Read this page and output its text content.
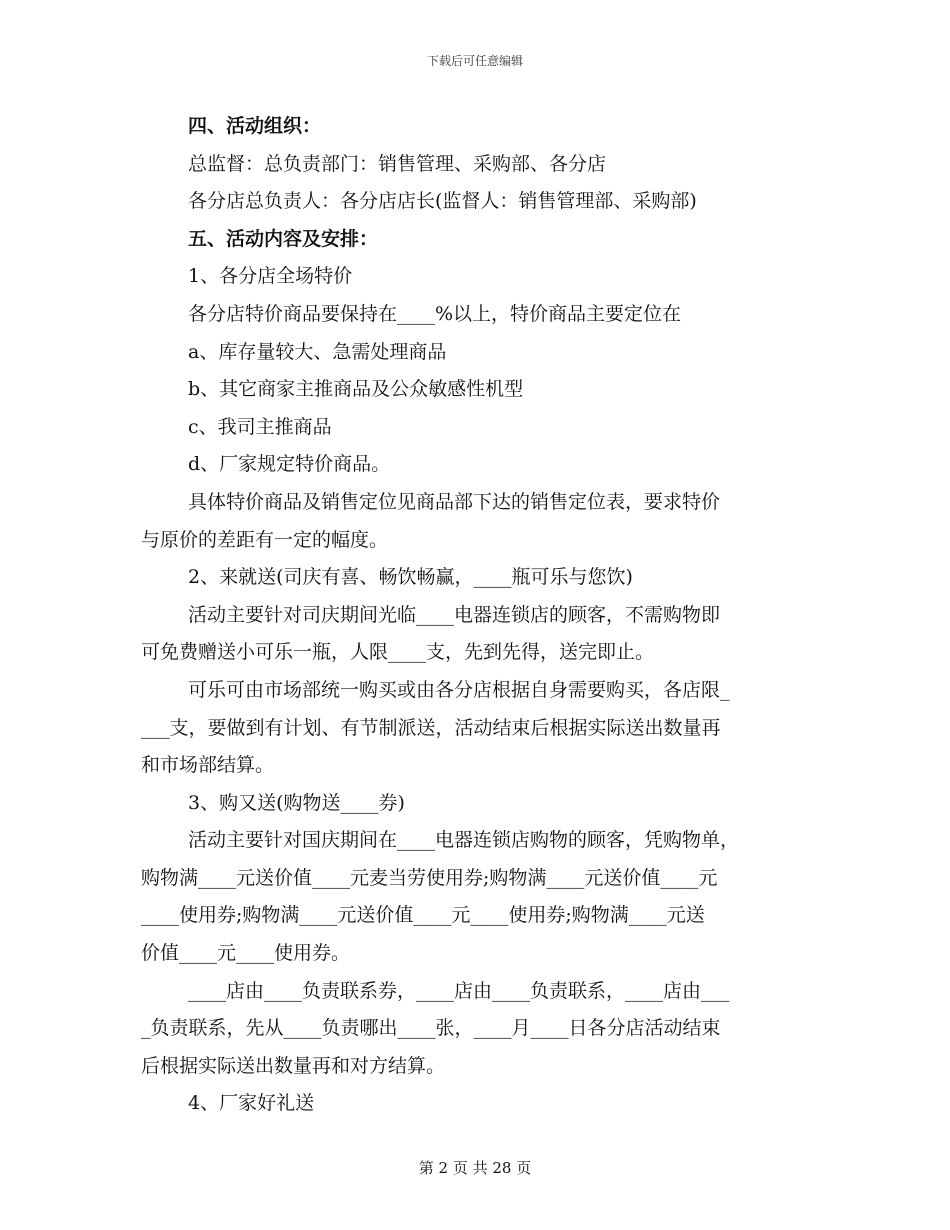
下载后可任意编辑
四、活动组织：
总监督：总负责部门：销售管理、采购部、各分店
各分店总负责人：各分店店长(监督人：销售管理部、采购部)
五、活动内容及安排：
1、各分店全场特价
各分店特价商品要保持在____%以上，特价商品主要定位在
a、库存量较大、急需处理商品
b、其它商家主推商品及公众敏感性机型
c、我司主推商品
d、厂家规定特价商品。
具体特价商品及销售定位见商品部下达的销售定位表，要求特价
与原价的差距有一定的幅度。
2、来就送(司庆有喜、畅饮畅赢，____瓶可乐与您饮)
活动主要针对司庆期间光临____电器连锁店的顾客，不需购物即
可免费赠送小可乐一瓶，人限____支，先到先得，送完即止。
可乐可由市场部统一购买或由各分店根据自身需要购买，各店限_
___支，要做到有计划、有节制派送，活动结束后根据实际送出数量再
和市场部结算。
3、购又送(购物送____券)
活动主要针对国庆期间在____电器连锁店购物的顾客，凭购物单，
购物满____元送价值____元麦当劳使用券;购物满____元送价值____元
____使用券;购物满____元送价值____元____使用券;购物满____元送
价值____元____使用券。
____店由____负责联系券，____店由____负责联系，____店由___
_负责联系，先从____负责哪出____张，____月____日各分店活动结束
后根据实际送出数量再和对方结算。
4、厂家好礼送
第 2 页 共 28 页
